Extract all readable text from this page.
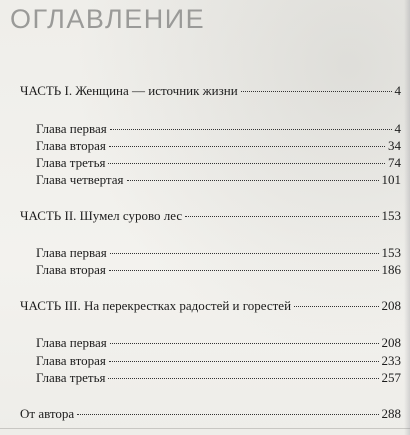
ОГЛАВЛЕНИЕ
ЧАСТЬ I. Женщина — источник жизни	4
Глава первая	4
Глава вторая	34
Глава третья	74
Глава четвертая	101
ЧАСТЬ II. Шумел сурово лес	153
Глава первая	153
Глава вторая	186
ЧАСТЬ III. На перекрестках радостей и горестей	208
Глава первая	208
Глава вторая	233
Глава третья	257
От автора	288
